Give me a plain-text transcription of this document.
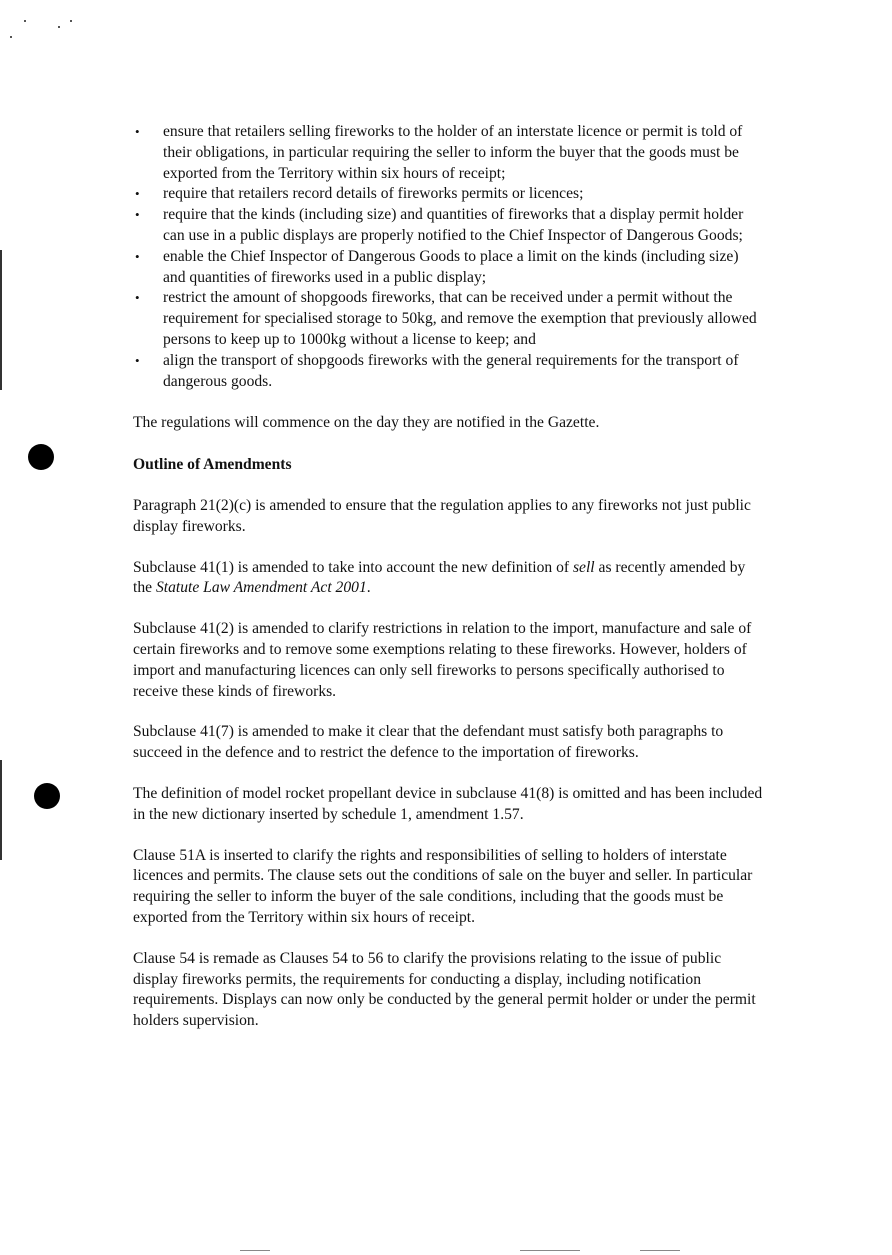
• ensure that retailers selling fireworks to the holder of an interstate licence or permit is told of their obligations, in particular requiring the seller to inform the buyer that the goods must be exported from the Territory within six hours of receipt;
• require that retailers record details of fireworks permits or licences;
• require that the kinds (including size) and quantities of fireworks that a display permit holder can use in a public displays are properly notified to the Chief Inspector of Dangerous Goods;
• enable the Chief Inspector of Dangerous Goods to place a limit on the kinds (including size) and quantities of fireworks used in a public display;
• restrict the amount of shopgoods fireworks, that can be received under a permit without the requirement for specialised storage to 50kg, and remove the exemption that previously allowed persons to keep up to 1000kg without a license to keep; and
• align the transport of shopgoods fireworks with the general requirements for the transport of dangerous goods.

The regulations will commence on the day they are notified in the Gazette.

Outline of Amendments

Paragraph 21(2)(c) is amended to ensure that the regulation applies to any fireworks not just public display fireworks.

Subclause 41(1) is amended to take into account the new definition of sell as recently amended by the Statute Law Amendment Act 2001.

Subclause 41(2) is amended to clarify restrictions in relation to the import, manufacture and sale of certain fireworks and to remove some exemptions relating to these fireworks. However, holders of import and manufacturing licences can only sell fireworks to persons specifically authorised to receive these kinds of fireworks.

Subclause 41(7) is amended to make it clear that the defendant must satisfy both paragraphs to succeed in the defence and to restrict the defence to the importation of fireworks.

The definition of model rocket propellant device in subclause 41(8) is omitted and has been included in the new dictionary inserted by schedule 1, amendment 1.57.

Clause 51A is inserted to clarify the rights and responsibilities of selling to holders of interstate licences and permits. The clause sets out the conditions of sale on the buyer and seller. In particular requiring the seller to inform the buyer of the sale conditions, including that the goods must be exported from the Territory within six hours of receipt.

Clause 54 is remade as Clauses 54 to 56 to clarify the provisions relating to the issue of public display fireworks permits, the requirements for conducting a display, including notification requirements. Displays can now only be conducted by the general permit holder or under the permit holders supervision.
